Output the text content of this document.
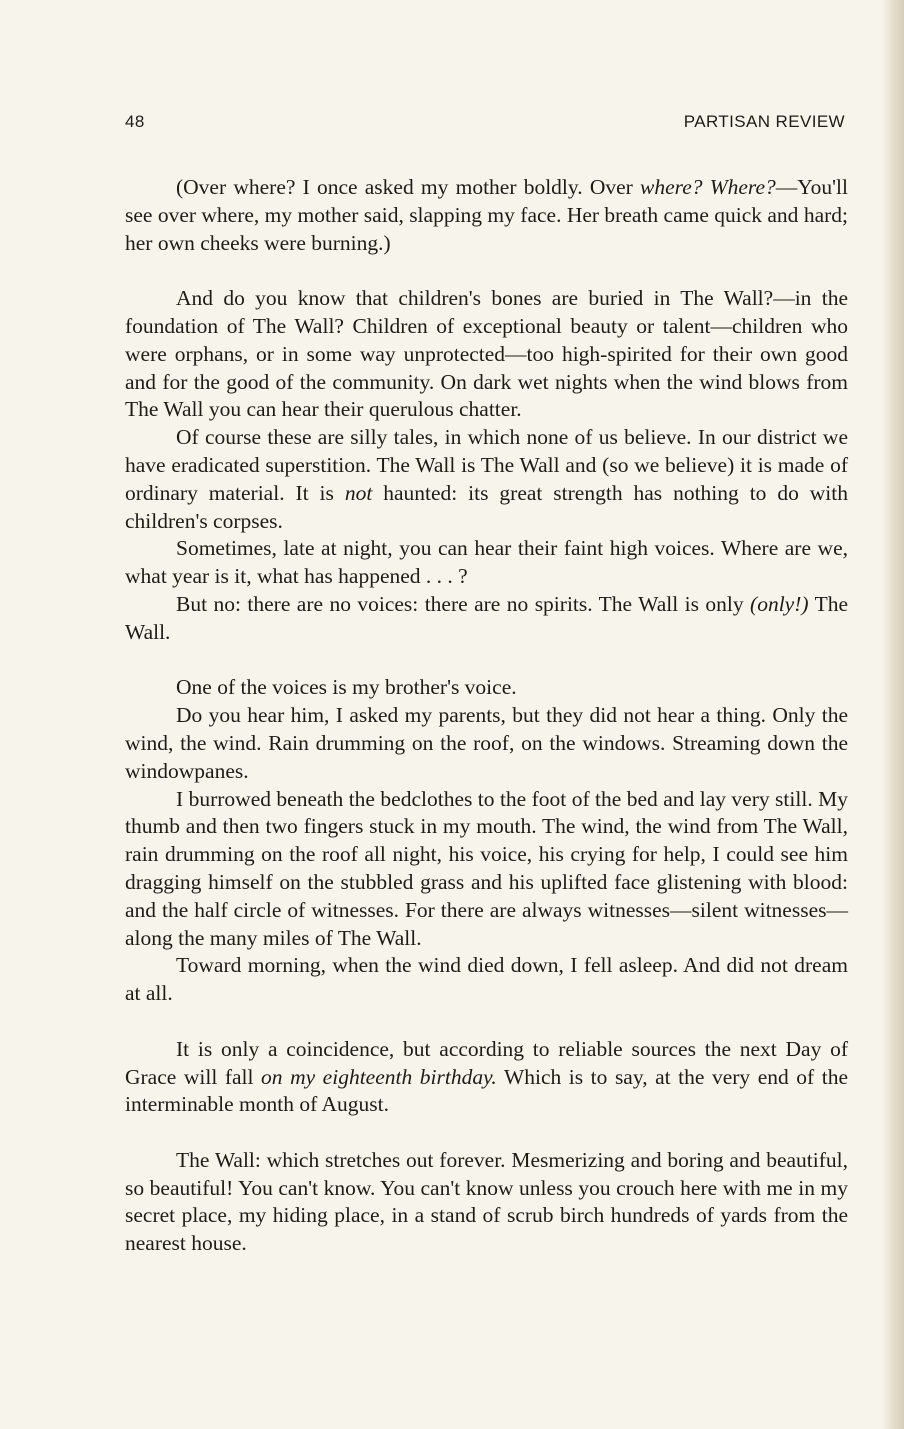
48	PARTISAN REVIEW

(Over where? I once asked my mother boldly. Over where? Where?—You'll see over where, my mother said, slapping my face. Her breath came quick and hard; her own cheeks were burning.)

And do you know that children's bones are buried in The Wall?—in the foundation of The Wall? Children of exceptional beauty or talent—children who were orphans, or in some way unprotected—too high-spirited for their own good and for the good of the community. On dark wet nights when the wind blows from The Wall you can hear their querulous chatter.

Of course these are silly tales, in which none of us believe. In our district we have eradicated superstition. The Wall is The Wall and (so we believe) it is made of ordinary material. It is not haunted: its great strength has nothing to do with children's corpses.

Sometimes, late at night, you can hear their faint high voices. Where are we, what year is it, what has happened . . . ?

But no: there are no voices: there are no spirits. The Wall is only (only!) The Wall.

One of the voices is my brother's voice.

Do you hear him, I asked my parents, but they did not hear a thing. Only the wind, the wind. Rain drumming on the roof, on the windows. Streaming down the windowpanes.

I burrowed beneath the bedclothes to the foot of the bed and lay very still. My thumb and then two fingers stuck in my mouth. The wind, the wind from The Wall, rain drumming on the roof all night, his voice, his crying for help, I could see him dragging himself on the stubbled grass and his uplifted face glistening with blood: and the half circle of witnesses. For there are always witnesses—silent witnesses—along the many miles of The Wall.

Toward morning, when the wind died down, I fell asleep. And did not dream at all.

It is only a coincidence, but according to reliable sources the next Day of Grace will fall on my eighteenth birthday. Which is to say, at the very end of the interminable month of August.

The Wall: which stretches out forever. Mesmerizing and boring and beautiful, so beautiful! You can't know. You can't know unless you crouch here with me in my secret place, my hiding place, in a stand of scrub birch hundreds of yards from the nearest house.
